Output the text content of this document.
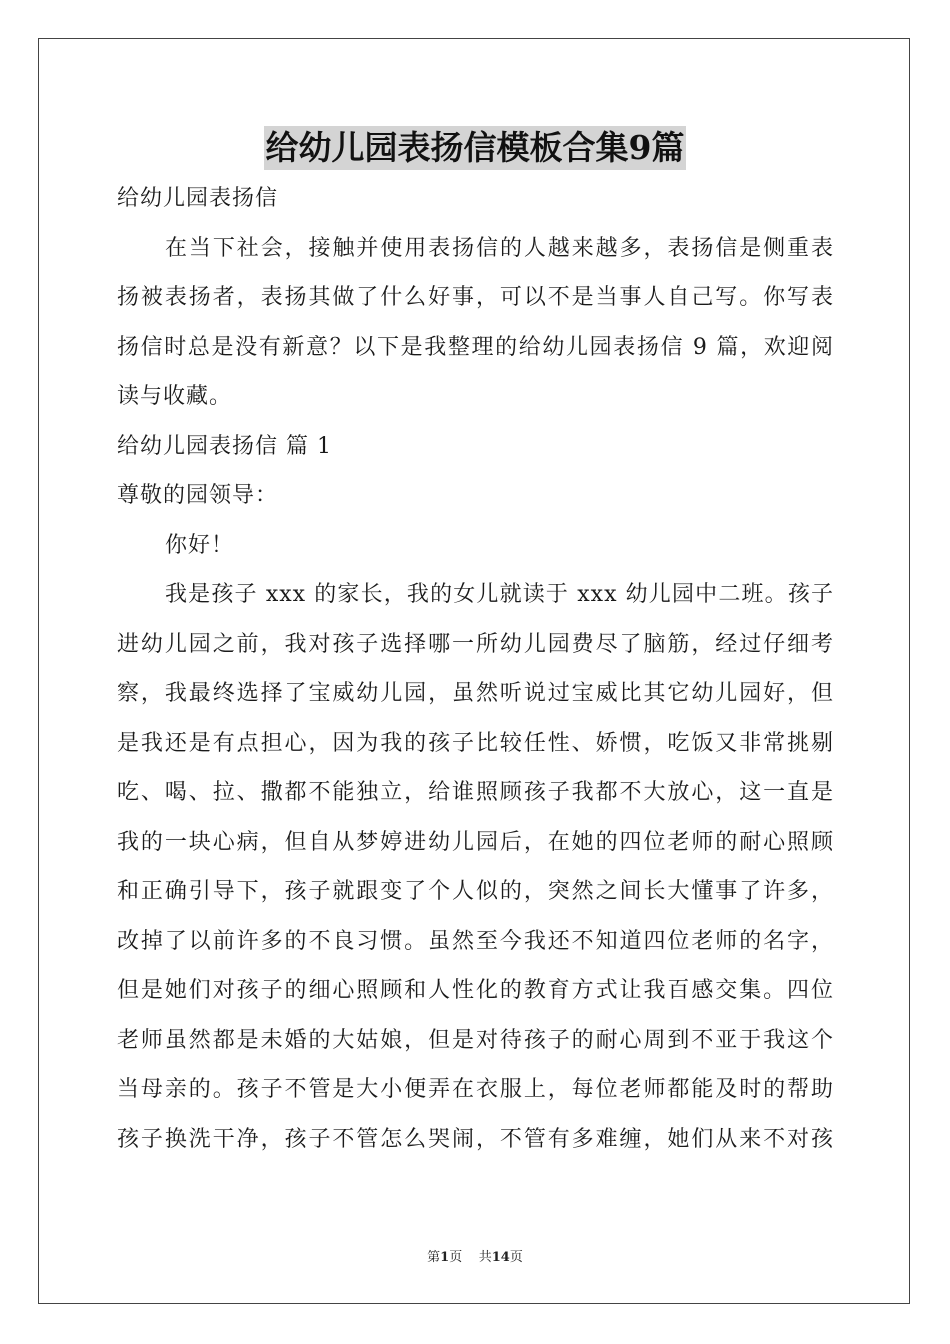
给幼儿园表扬信模板合集9篇
给幼儿园表扬信
在当下社会，接触并使用表扬信的人越来越多，表扬信是侧重表
扬被表扬者，表扬其做了什么好事，可以不是当事人自己写。你写表
扬信时总是没有新意？以下是我整理的给幼儿园表扬信 9 篇，欢迎阅
读与收藏。
给幼儿园表扬信 篇 1
尊敬的园领导：
你好！
我是孩子 xxx 的家长，我的女儿就读于 xxx 幼儿园中二班。孩子
进幼儿园之前，我对孩子选择哪一所幼儿园费尽了脑筋，经过仔细考
察，我最终选择了宝威幼儿园，虽然听说过宝威比其它幼儿园好，但
是我还是有点担心，因为我的孩子比较任性、娇惯，吃饭又非常挑剔
吃、喝、拉、撒都不能独立，给谁照顾孩子我都不大放心，这一直是
我的一块心病，但自从梦婷进幼儿园后，在她的四位老师的耐心照顾
和正确引导下，孩子就跟变了个人似的，突然之间长大懂事了许多，
改掉了以前许多的不良习惯。虽然至今我还不知道四位老师的名字，
但是她们对孩子的细心照顾和人性化的教育方式让我百感交集。四位
老师虽然都是未婚的大姑娘，但是对待孩子的耐心周到不亚于我这个
当母亲的。孩子不管是大小便弄在衣服上，每位老师都能及时的帮助
孩子换洗干净，孩子不管怎么哭闹，不管有多难缠，她们从来不对孩
第1页 共14页
